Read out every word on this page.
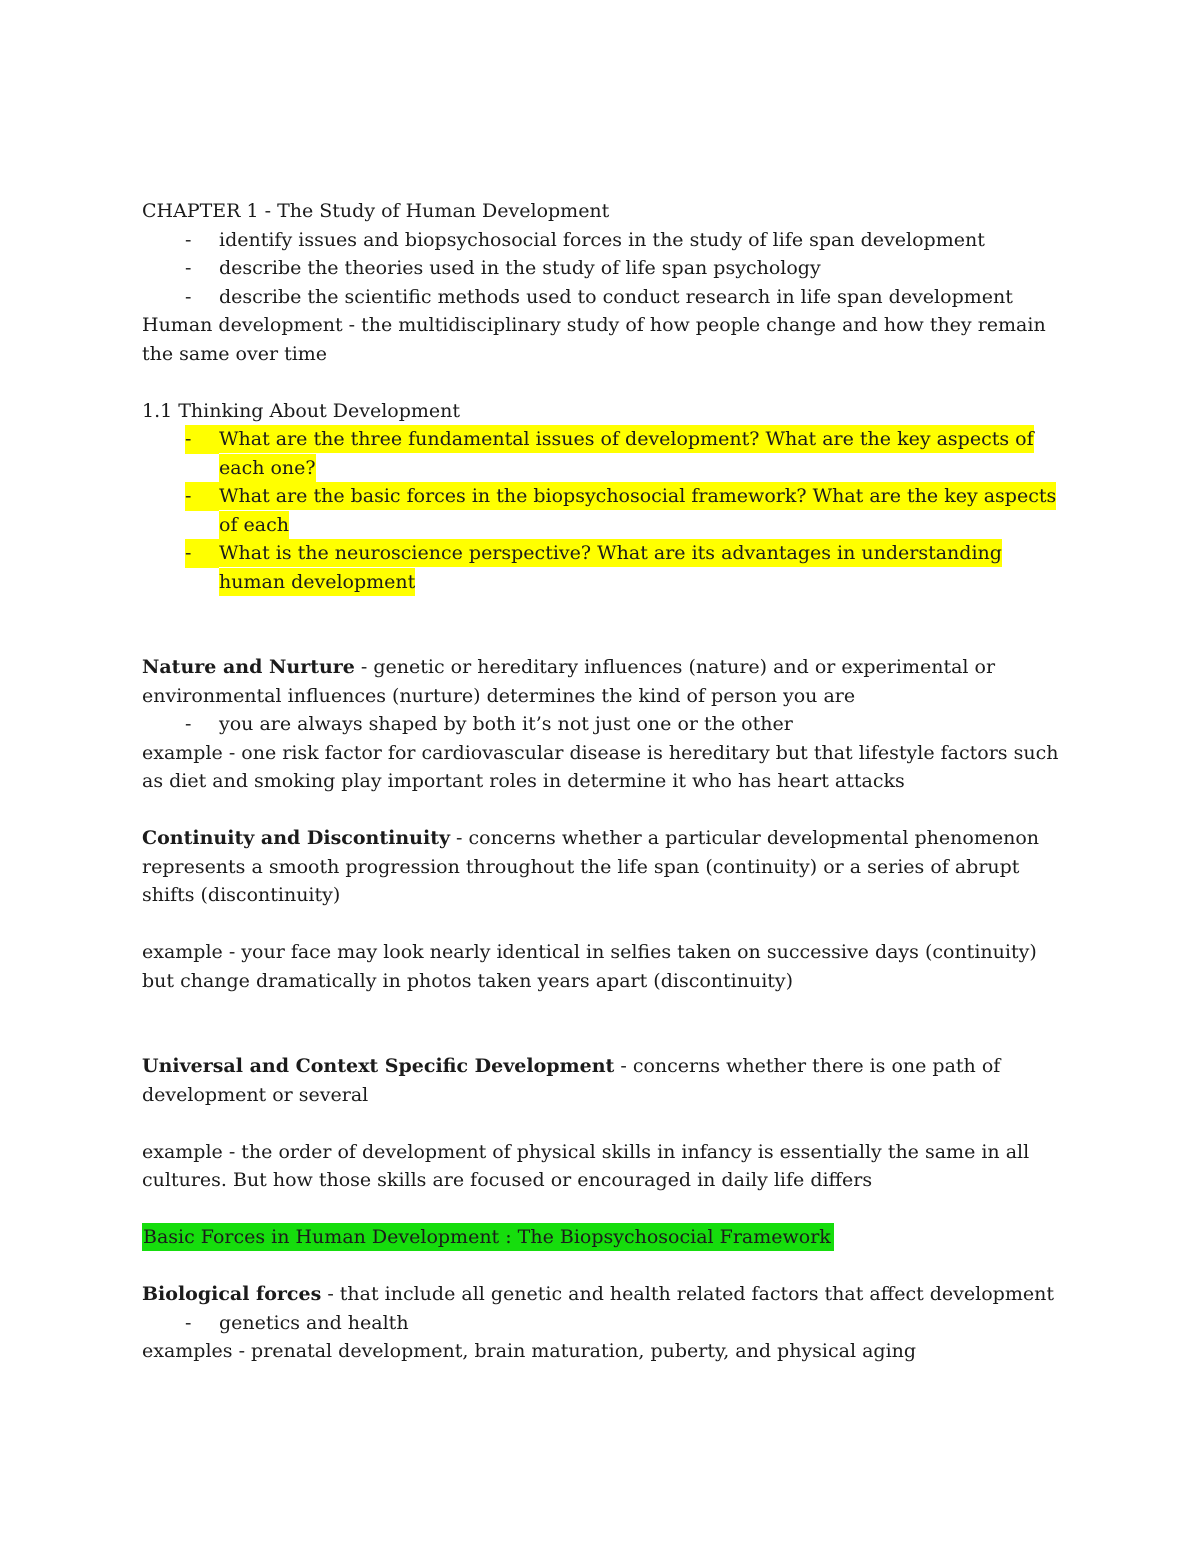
CHAPTER 1 - The Study of Human Development

-	identify issues and biopsychosocial forces in the study of life span development
-	describe the theories used in the study of life span psychology
-	describe the scientific methods used to conduct research in life span development

Human development - the multidisciplinary study of how people change and how they remain the same over time

1.1 Thinking About Development

-	What are the three fundamental issues of development? What are the key aspects of each one?
-	What are the basic forces in the biopsychosocial framework? What are the key aspects of each
-	What is the neuroscience perspective? What are its advantages in understanding human development

Nature and Nurture - genetic or hereditary influences (nature) and or experimental or environmental influences (nurture) determines the kind of person you are

-	you are always shaped by both it’s not just one or the other

example - one risk factor for cardiovascular disease is hereditary but that lifestyle factors such as diet and smoking play important roles in determine it who has heart attacks

Continuity and Discontinuity - concerns whether a particular developmental phenomenon represents a smooth progression throughout the life span (continuity) or a series of abrupt shifts (discontinuity)

example - your face may look nearly identical in selfies taken on successive days (continuity) but change dramatically in photos taken years apart (discontinuity)

Universal and Context Specific Development - concerns whether there is one path of development or several

example - the order of development of physical skills in infancy is essentially the same in all cultures. But how those skills are focused or encouraged in daily life differs

Basic Forces in Human Development : The Biopsychosocial Framework

Biological forces - that include all genetic and health related factors that affect development

-	genetics and health

examples - prenatal development, brain maturation, puberty, and physical aging
